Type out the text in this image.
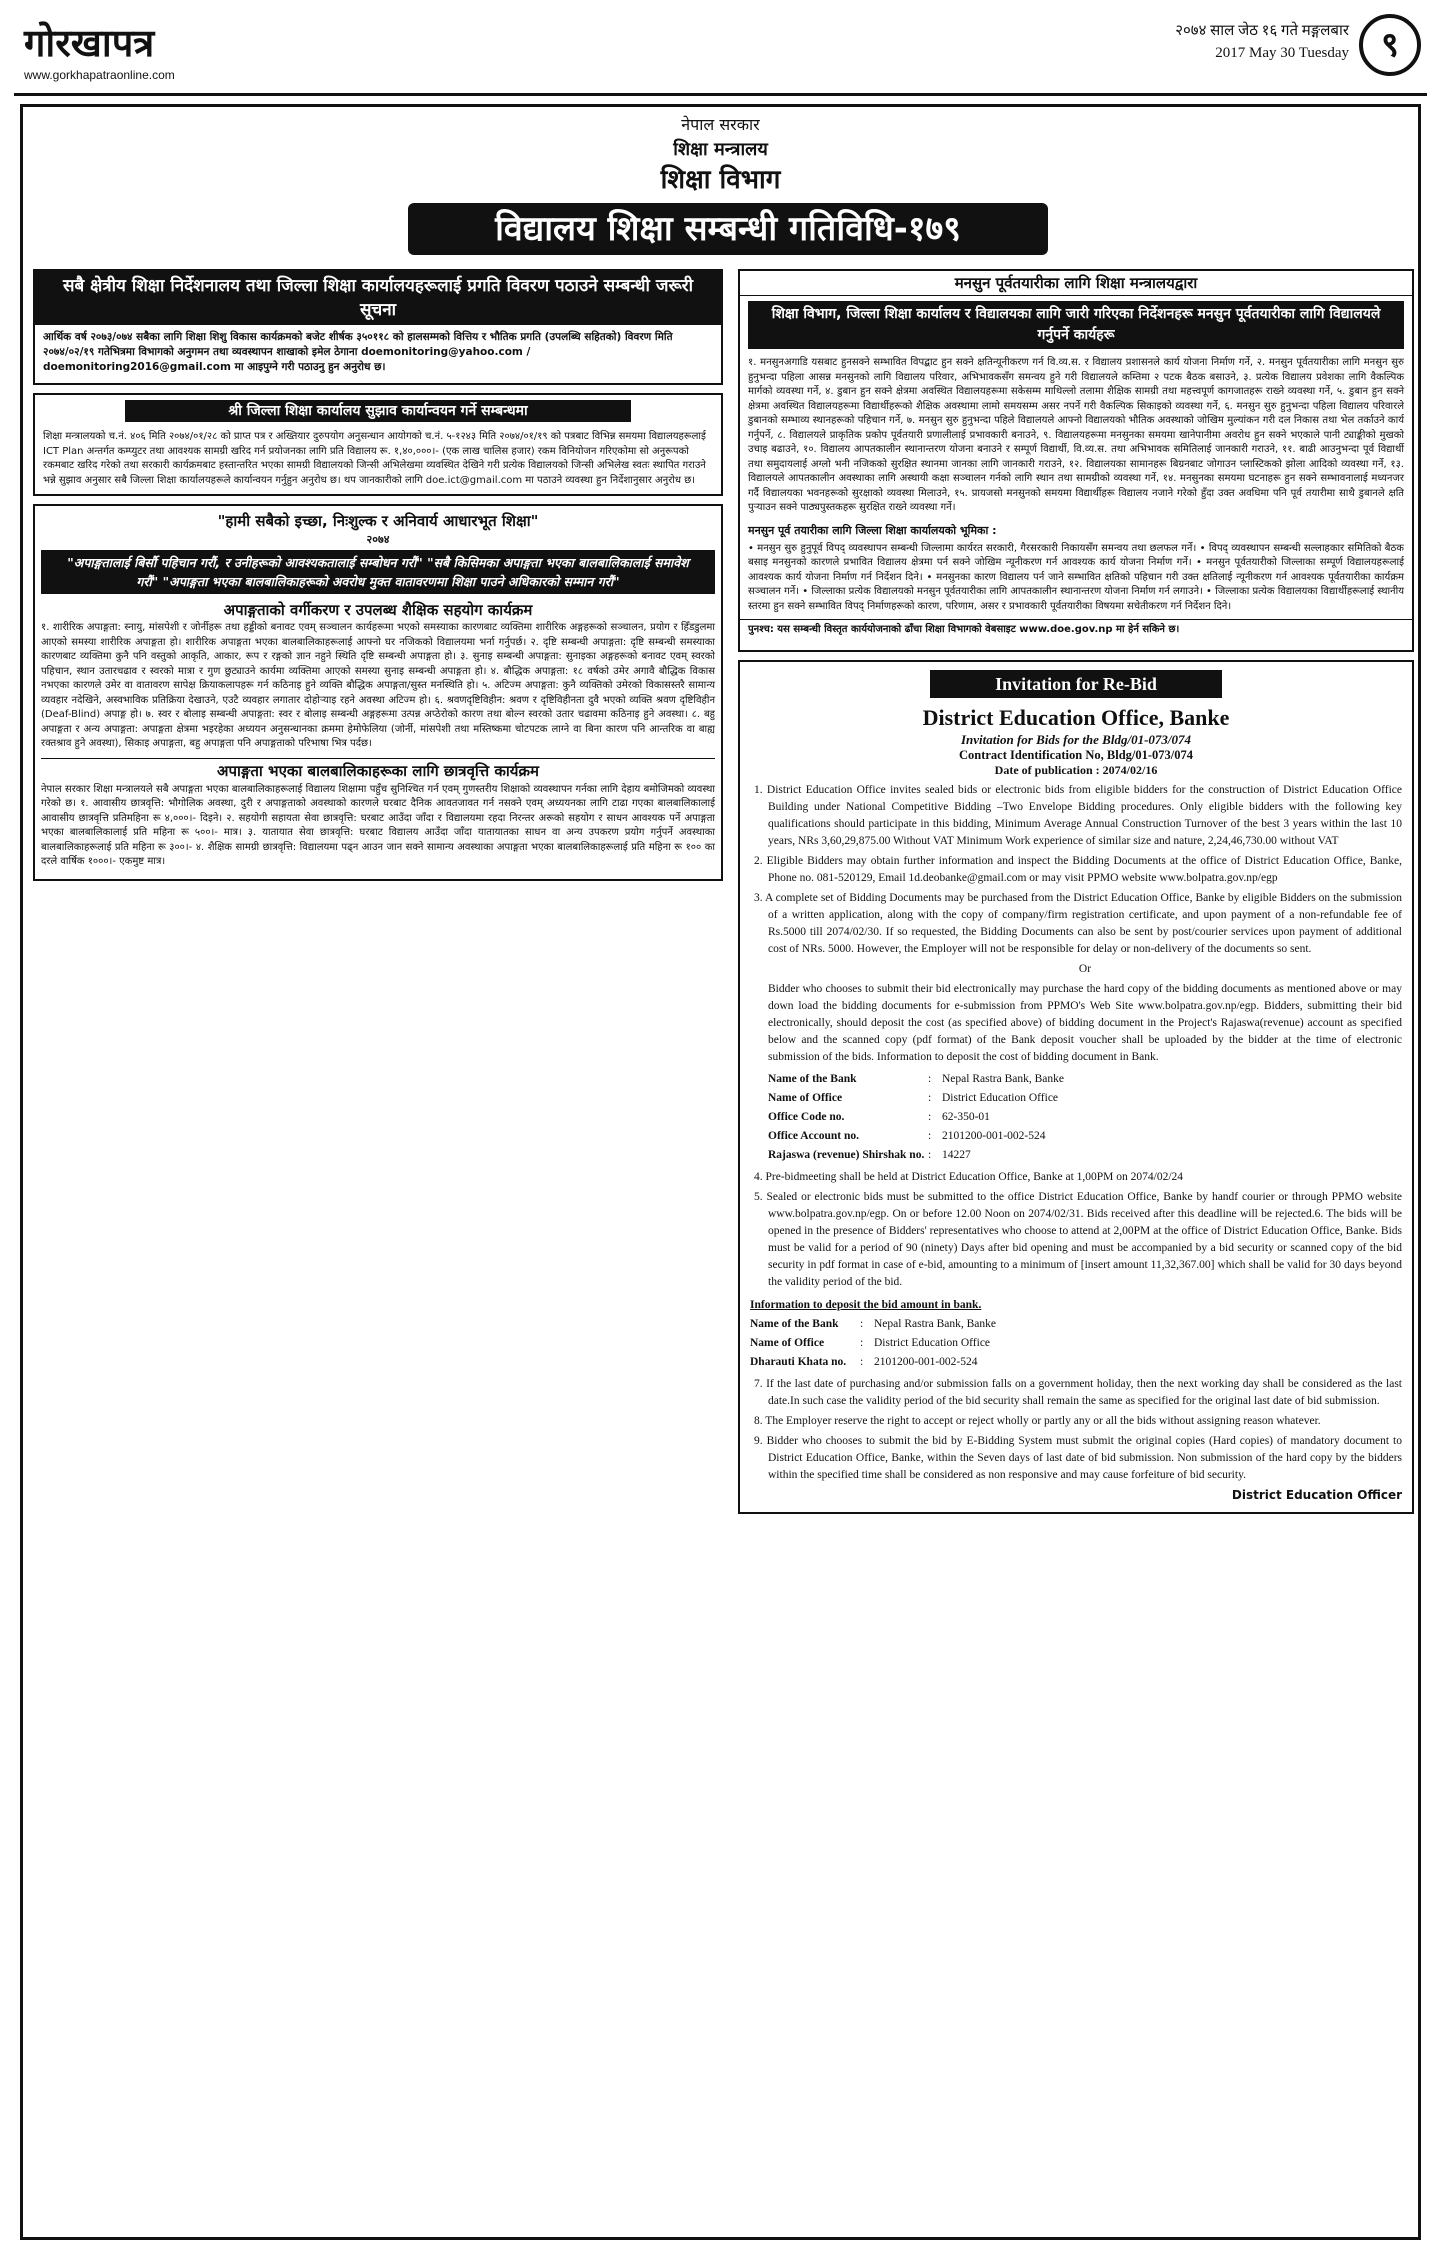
गोरखापत्र
www.gorkhapatraonline.com
२०७४ साल जेठ १६ गते मङ्गलबार
2017 May 30 Tuesday ९
नेपाल सरकार
शिक्षा मन्त्रालय
शिक्षा विभाग
विद्यालय शिक्षा सम्बन्धी गतिविधि-१७९
सबै क्षेत्रीय शिक्षा निर्देशनालय तथा जिल्ला शिक्षा कार्यालयहरूलाई प्रगति विवरण पठाउने सम्बन्धी जरूरी सूचना

आर्थिक वर्ष २०७३/०७४ सबैका लागि शिक्षा शिशु विकास कार्यक्रमको बजेट शीर्षक ३५०११८ को हालसम्मको वित्तिय र भौतिक प्रगति (उपलब्धि सहितको) विवरण मिति २०७४/०२/१९ गतेभित्रमा विभागको अनुगमन तथा व्यवस्थापन शाखाको इमेल ठेगाना doemonitoring@yahoo.com / doemonitoring2016@gmail.com मा आइपुग्ने गरी पठाउनु हुन अनुरोध छ।

श्री जिल्ला शिक्षा कार्यालय सुझाव कार्यान्वयन गर्ने सम्बन्धमा

शिक्षा मन्त्रालयको च.नं. ४०६ मिति २०७४/०१/२८ को प्राप्त पत्र र अख्तियार दुरुपयोग अनुसन्धान आयोगको च.नं. ५-१२४३ मिति २०७४/०१/१९ को पत्रबाट विभिन्न समयमा विद्यालयहरूलाई ICT Plan अन्तर्गत कम्प्युटर तथा आवश्यक सामग्री खरिद गर्न प्रयोजनका लागि प्रति विद्यालय रू. १,४०,०००।- (एक लाख चालिस हजार) रकम विनियोजन गरिएकोमा सो अनुरूपको रकमबाट खरिद गरेको तथा सरकारी कार्यक्रमबाट हस्तान्तरित भएका सामग्री विद्यालयको जिन्सी अभिलेखमा व्यवस्थित देखिने गरी प्रत्येक विद्यालयको जिन्सी अभिलेख स्वतः स्थापित गराउने भन्ने सुझाव अनुसार सबै जिल्ला शिक्षा कार्यालयहरूले कार्यान्वयन गर्नुहुन अनुरोध छ। थप जानकारीको लागि doe.ict@gmail.com मा पठाउने व्यवस्था हुन निर्देशानुसार अनुरोध छ।

"हामी सबैको इच्छा, निःशुल्क र अनिवार्य आधारभूत शिक्षा"
२०७४
"अपाङ्गतालाई बिर्सौ पहिचान गरौं, र उनीहरूको आवश्यकतालाई सम्बोधन गरौं" "सबै किसिमका अपाङ्गता भएका बालबालिकालाई समावेश गरौं" "अपाङ्गता भएका बालबालिकाहरूको अवरोध मुक्त वातावरणमा शिक्षा पाउने अधिकारको सम्मान गरौं"
अपाङ्गताको वर्गीकरण र उपलब्ध शैक्षिक सहयोग कार्यक्रम

१. शारीरिक अपाङ्गता: स्नायु, मांसपेशी र जोर्नीहरू तथा हड्डीको बनावट एवम् सञ्चालन कार्यहरूमा भएको समस्याका कारणबाट व्यक्तिमा शारीरिक अङ्गहरूको सञ्चालन, प्रयोग र हिँडडुलमा आएको समस्या शारीरिक अपाङ्गता हो। शारीरिक अपाङ्गता भएका बालबालिकाहरूलाई आफ्नो घर नजिकको विद्यालयमा भर्ना गर्नुपर्छ। २. दृष्टि सम्बन्धी अपाङ्गता: दृष्टि सम्बन्धी समस्याका कारणबाट व्यक्तिमा कुनै पनि वस्तुको आकृति, आकार, रूप र रङ्गको ज्ञान नहुने स्थिति दृष्टि सम्बन्धी अपाङ्गता हो। ३. सुनाइ सम्बन्धी अपाङ्गता: सुनाइका अङ्गहरूको बनावट एवम् स्वरको पहिचान, स्थान उतारचढाव र स्वरको मात्रा र गुण छुट्याउने कार्यमा व्यक्तिमा आएको समस्या सुनाइ सम्बन्धी अपाङ्गता हो। ४. बौद्धिक अपाङ्गता: १८ वर्षको उमेर अगावै बौद्धिक विकास नभएका कारणले उमेर वा वातावरण सापेक्ष क्रियाकलापहरू गर्न कठिनाइ हुने व्यक्ति बौद्धिक अपाङ्गता/सुस्त मनस्थिति हो। ५. अटिज्म अपाङ्गता: कुनै व्यक्तिको उमेरको विकासस्तरै सामान्य व्यवहार नदेखिने, अस्वभाविक प्रतिक्रिया देखाउने, एउटै व्यवहार लगातार दोहोर्‍याइ रहने अवस्था अटिज्म हो। ६. श्रवणदृष्टिविहीन: श्रवण र दृष्टिविहीनता दुवै भएको व्यक्ति श्रवण दृष्टिविहीन (Deaf-Blind) अपाङ्ग हो। ७. स्वर र बोलाइ सम्बन्धी अपाङ्गता: स्वर र बोलाइ सम्बन्धी अङ्गहरूमा उत्पन्न अप्ठेरोको कारण तथा बोल्न स्वरको उतार चढावमा कठिनाइ हुने अवस्था। ८. बहु अपाङ्गता र अन्य अपाङ्गता: अपाङ्गता क्षेत्रमा भइरहेका अध्ययन अनुसन्धानका क्रममा हेमोफेलिया (जोर्नी, मांसपेशी तथा मस्तिष्कमा चोटपटक लाग्ने वा बिना कारण पनि आन्तरिक वा बाह्य रक्तश्राव हुने अवस्था), सिकाइ अपाङ्गता, बहु अपाङ्गता पनि अपाङ्गताको परिभाषा भित्र पर्दछ।

अपाङ्गता भएका बालबालिकाहरूका लागि छात्रवृत्ति कार्यक्रम

नेपाल सरकार शिक्षा मन्त्रालयले सबै अपाङ्गता भएका बालबालिकाहरूलाई विद्यालय शिक्षामा पहुँच सुनिश्चित गर्न एवम् गुणस्तरीय शिक्षाको व्यवस्थापन गर्नका लागि देहाय बमोजिमको व्यवस्था गरेको छ। १. आवासीय छात्रवृत्ति: भौगोलिक अवस्था, दुरी र अपाङ्गताको अवस्थाको कारणले घरबाट दैनिक आवतजावत गर्न नसक्ने एवम् अध्ययनका लागि टाढा गएका बालबालिकालाई आवासीय छात्रवृत्ति प्रतिमहिना रू ४,०००।- दिइने। २. सहयोगी सहायता सेवा छात्रवृत्ति: घरबाट आउँदा जाँदा र विद्यालयमा रहदा निरन्तर अरूको सहयोग र साधन आवश्यक पर्ने अपाङ्गता भएका बालबालिकालाई प्रति महिना रू ५००।- मात्र। ३. यातायात सेवा छात्रवृत्ति: घरबाट विद्यालय आउँदा जाँदा यातायातका साधन वा अन्य उपकरण प्रयोग गर्नुपर्ने अवस्थाका बालबालिकाहरूलाई प्रति महिना रू ३००।- ४. शैक्षिक सामग्री छात्रवृत्ति: विद्यालयमा पढ्न आउन जान सक्ने सामान्य अवस्थाका अपाङ्गता भएका बालबालिकाहरूलाई प्रति महिना रू १०० का दरले वार्षिक १०००।- एकमुष्ट मात्र।

मनसुन पूर्वतयारीका लागि शिक्षा मन्त्रालयद्वारा
शिक्षा विभाग, जिल्ला शिक्षा कार्यालय र विद्यालयका लागि जारी गरिएका निर्देशनहरू मनसुन पूर्वतयारीका लागि विद्यालयले गर्नुपर्ने कार्यहरू

१. मनसुनअगाडि यसबाट हुनसक्ने सम्भावित विपद्बाट हुन सक्ने क्षतिन्यूनीकरण गर्न वि.व्य.स. र विद्यालय प्रशासनले कार्य योजना निर्माण गर्ने, २. मनसुन पूर्वतयारीका लागि मनसुन सुरु हुनुभन्दा पहिला आसन्न मनसुनको लागि विद्यालय परिवार, अभिभावकसँग समन्वय हुने गरी विद्यालयले कम्तिमा २ पटक बैठक बसाउने, ३. प्रत्येक विद्यालय प्रवेशका लागि वैकल्पिक मार्गको व्यवस्था गर्ने, ४. डुबान हुन सक्ने क्षेत्रमा अवस्थित विद्यालयहरूमा सकेसम्म माथिल्लो तलामा शैक्षिक सामग्री तथा महत्त्वपूर्ण कागजातहरू राख्ने व्यवस्था गर्ने, ५. डुबान हुन सक्ने क्षेत्रमा अवस्थित विद्यालयहरूमा विद्यार्थीहरूको शैक्षिक अवस्थामा लामो समयसम्म असर नपर्ने गरी वैकल्पिक सिकाइको व्यवस्था गर्ने, ६. मनसुन सुरु हुनुभन्दा पहिला विद्यालय परिवारले डुबानको सम्भाव्य स्थानहरूको पहिचान गर्ने, ७. मनसुन सुरु हुनुभन्दा पहिले विद्यालयले आफ्नो विद्यालयको भौतिक अवस्थाको जोखिम मुल्यांकन गरी दल निकास तथा भेल तर्काउने कार्य गर्नुपर्ने, ८. विद्यालयले प्राकृतिक प्रकोप पूर्वतयारी प्रणालीलाई प्रभावकारी बनाउने, ९. विद्यालयहरूमा मनसुनका समयमा खानेपानीमा अवरोध हुन सक्ने भएकाले पानी ट्याङ्कीको मुखको उचाइ बढाउने, १०. विद्यालय आपतकालीन स्थानान्तरण योजना बनाउने र सम्पूर्ण विद्यार्थी, वि.व्य.स. तथा अभिभावक समितिलाई जानकारी गराउने, ११. बाढी आउनुभन्दा पूर्व विद्यार्थी तथा समुदायलाई अग्लो भनी नजिकको सुरक्षित स्थानमा जानका लागि जानकारी गराउने, १२. विद्यालयका सामानहरू बिग्रनबाट जोगाउन प्लास्टिकको झोला आदिको व्यवस्था गर्ने, १३. विद्यालयले आपतकालीन अवस्थाका लागि अस्थायी कक्षा सञ्चालन गर्नको लागि स्थान तथा सामग्रीको व्यवस्था गर्ने, १४. मनसुनका समयमा घटनाहरू हुन सक्ने सम्भावनालाई मध्यनजर गर्दै विद्यालयका भवनहरूको सुरक्षाको व्यवस्था मिलाउने, १५. प्रायजसो मनसुनको समयमा विद्यार्थीहरू विद्यालय नजाने गरेको हुँदा उक्त अवधिमा पनि पूर्व तयारीमा साथै डुबानले क्षति पुऱ्याउन सक्ने पाठ्यपुस्तकहरू सुरक्षित राख्ने व्यवस्था गर्ने।

मनसुन पूर्व तयारीका लागि जिल्ला शिक्षा कार्यालयको भूमिका :

• मनसुन सुरु हुनुपूर्व विपद् व्यवस्थापन सम्बन्धी जिल्लामा कार्यरत सरकारी, गैरसरकारी निकायसँग समन्वय तथा छलफल गर्ने। • विपद् व्यवस्थापन सम्बन्धी सल्लाहकार समितिको बैठक बसाइ मनसुनको कारणले प्रभावित विद्यालय क्षेत्रमा पर्न सक्ने जोखिम न्यूनीकरण गर्न आवश्यक कार्य योजना निर्माण गर्ने। • मनसुन पूर्वतयारीको जिल्लाका सम्पूर्ण विद्यालयहरूलाई आवश्यक कार्य योजना निर्माण गर्न निर्देशन दिने। • मनसुनका कारण विद्यालय पर्न जाने सम्भावित क्षतिको पहिचान गरी उक्त क्षतिलाई न्यूनीकरण गर्न आवश्यक पूर्वतयारीका कार्यक्रम सञ्चालन गर्ने। • जिल्लाका प्रत्येक विद्यालयको मनसुन पूर्वतयारीका लागि आपतकालीन स्थानान्तरण योजना निर्माण गर्न लगाउने। • जिल्लाका प्रत्येक विद्यालयका विद्यार्थीहरूलाई स्थानीय स्तरमा हुन सक्ने सम्भावित विपद् निर्माणहरूको कारण, परिणाम, असर र प्रभावकारी पूर्वतयारीका विषयमा सचेतीकरण गर्न निर्देशन दिने।

पुनश्च: यस सम्बन्धी विस्तृत कार्ययोजनाको ढाँचा शिक्षा विभागको वेबसाइट www.doe.gov.np मा हेर्न सकिने छ।

Invitation for Re-Bid
District Education Office, Banke
Invitation for Bids for the Bldg/01-073/074
Contract Identification No, Bldg/01-073/074
Date of publication : 2074/02/16

1. District Education Office invites sealed bids or electronic bids from eligible bidders for the construction of District Education Office Building under National Competitive Bidding –Two Envelope Bidding procedures. Only eligible bidders with the following key qualifications should participate in this bidding, Minimum Average Annual Construction Turnover of the best 3 years within the last 10 years, NRs 3,60,29,875.00 Without VAT Minimum Work experience of similar size and nature, 2,24,46,730.00 without VAT

2. Eligible Bidders may obtain further information and inspect the Bidding Documents at the office of District Education Office, Banke, Phone no. 081-520129, Email 1d.deobanke@gmail.com or may visit PPMO website www.bolpatra.gov.np/egp

3. A complete set of Bidding Documents may be purchased from the District Education Office, Banke by eligible Bidders on the submission of a written application, along with the copy of company/firm registration certificate, and upon payment of a non-refundable fee of Rs.5000 till 2074/02/30. If so requested, the Bidding Documents can also be sent by post/courier services upon payment of additional cost of NRs. 5000. However, the Employer will not be responsible for delay or non-delivery of the documents so sent.

Or

Bidder who chooses to submit their bid electronically may purchase the hard copy of the bidding documents as mentioned above or may down load the bidding documents for e-submission from PPMO's Web Site www.bolpatra.gov.np/egp. Bidders, submitting their bid electronically, should deposit the cost (as specified above) of bidding document in the Project's Rajaswa(revenue) account as specified below and the scanned copy (pdf format) of the Bank deposit voucher shall be uploaded by the bidder at the time of electronic submission of the bids. Information to deposit the cost of bidding document in Bank.

Name of the Bank	: Nepal Rastra Bank, Banke
Name of Office	: District Education Office
Office Code no.	: 62-350-01
Office Account no.	: 2101200-001-002-524
Rajaswa (revenue) Shirshak no. : 14227

4. Pre-bidmeeting shall be held at District Education Office, Banke at 1,00PM on 2074/02/24

5. Sealed or electronic bids must be submitted to the office District Education Office, Banke by handf courier or through PPMO website www.bolpatra.gov.np/egp. On or before 12.00 Noon on 2074/02/31. Bids received after this deadline will be rejected.6. The bids will be opened in the presence of Bidders' representatives who choose to attend at 2,00PM at the office of District Education Office, Banke. Bids must be valid for a period of 90 (ninety) Days after bid opening and must be accompanied by a bid security or scanned copy of the bid security in pdf format in case of e-bid, amounting to a minimum of [insert amount 11,32,367.00] which shall be valid for 30 days beyond the validity period of the bid.

Information to deposit the bid amount in bank.
Name of the Bank	: Nepal Rastra Bank, Banke
Name of Office	: District Education Office
Dharauti Khata no.	: 2101200-001-002-524

7. If the last date of purchasing and/or submission falls on a government holiday, then the next working day shall be considered as the last date.In such case the validity period of the bid security shall remain the same as specified for the original last date of bid submission.

8. The Employer reserve the right to accept or reject wholly or partly any or all the bids without assigning reason whatever.

9. Bidder who chooses to submit the bid by E-Bidding System must submit the original copies (Hard copies) of mandatory document to District Education Office, Banke, within the Seven days of last date of bid submission. Non submission of the hard copy by the bidders within the specified time shall be considered as non responsive and may cause forfeiture of bid security.

District Education Officer
